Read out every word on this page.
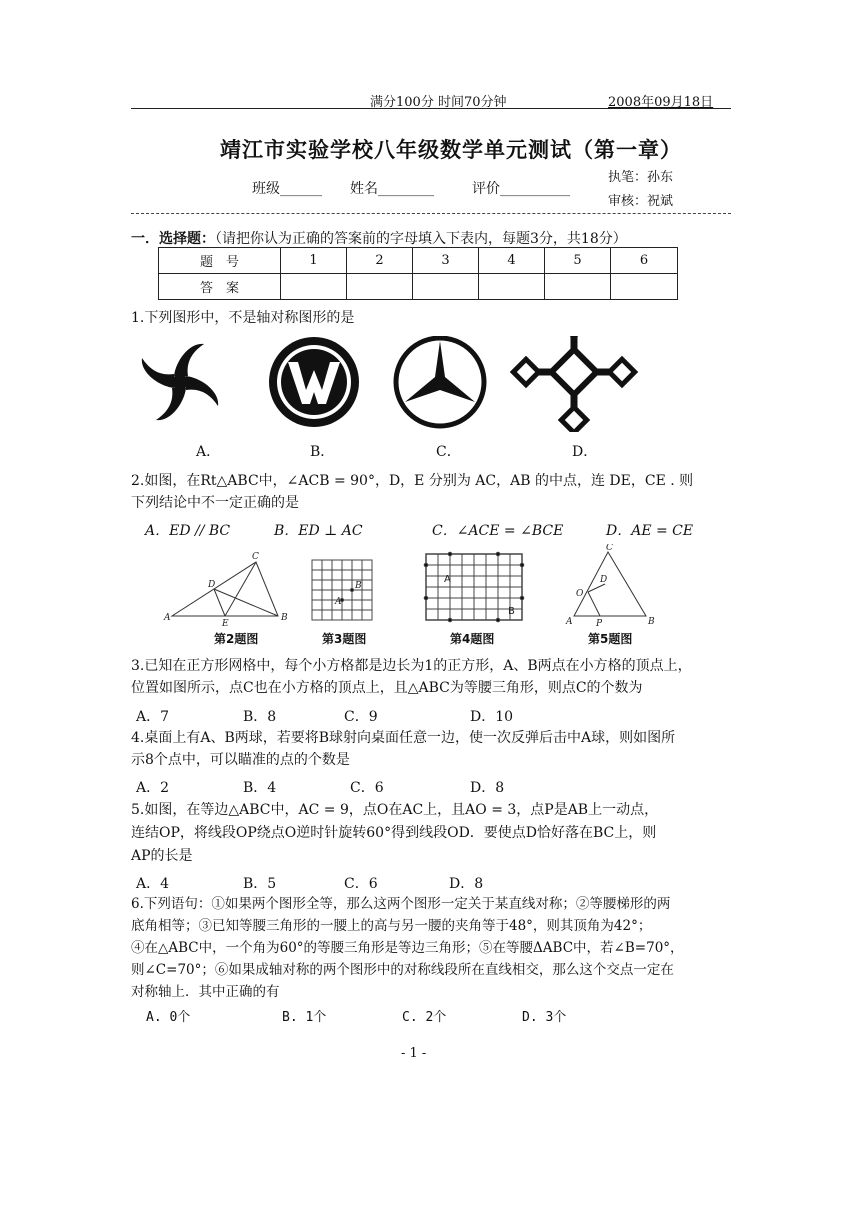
满分100分 时间70分钟	2008年09月18日
靖江市实验学校八年级数学单元测试（第一章）
班级______ 姓名________	评价__________
执笔：孙东
审核：祝斌
一．选择题：（请把你认为正确的答案前的字母填入下表内，每题3分，共18分）
题　号	1	2	3	4	5	6
答　案						
1.下列图形中，不是轴对称图形的是
A．	B．	C．	D．
2.如图，在Rt△ABC中，∠ACB = 90°，D，E 分别为 AC，AB 的中点，连 DE，CE . 则
下列结论中不一定正确的是
A．ED // BC	B．ED ⊥ AC	C．∠ACE = ∠BCE	D．AE = CE
C
D
A
E
B
B
A
A
B
C
D
O
A	P	B
第2题图	第3题图	第4题图	第5题图
3.已知在正方形网格中，每个小方格都是边长为1的正方形，A、B两点在小方格的顶点上，
位置如图所示，点C也在小方格的顶点上，且△ABC为等腰三角形，则点C的个数为
A．7	B．8	C．9	D．10
4.桌面上有A、B两球，若要将B球射向桌面任意一边，使一次反弹后击中A球，则如图所
示8个点中，可以瞄准的点的个数是
A．2	B．4	C．6	D．8
5.如图，在等边△ABC中，AC = 9，点O在AC上，且AO = 3，点P是AB上一动点，
连结OP，将线段OP绕点O逆时针旋转60°得到线段OD．要使点D恰好落在BC上，则
AP的长是
A．4	B．5	C．6	D．8
6.下列语句：①如果两个图形全等，那么这两个图形一定关于某直线对称；②等腰梯形的两
底角相等；③已知等腰三角形的一腰上的高与另一腰的夹角等于48°，则其顶角为42°；
④在△ABC中，一个角为60°的等腰三角形是等边三角形；⑤在等腰ΔABC中，若∠B=70°，
则∠C=70°；⑥如果成轴对称的两个图形中的对称线段所在直线相交，那么这个交点一定在
对称轴上．其中正确的有
A. 0个	B. 1个	C. 2个	D. 3个
- 1 -
